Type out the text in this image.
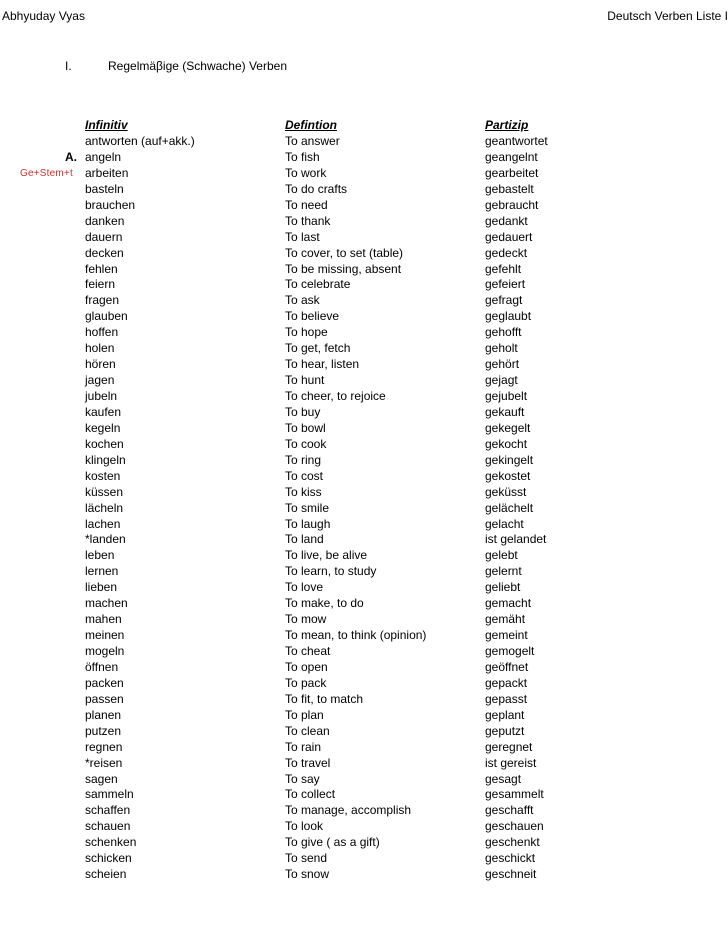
Abhyuday Vyas	Deutsch Verben Liste I
I.	Regelmäβige (Schwache) Verben
Infinitiv	Defintion	Partizip
A.
Ge+Stem+t
antworten (auf+akk.)	To answer	geantwortet
angeln	To fish	geangelnt
arbeiten	To work	gearbeitet
basteln	To do crafts	gebastelt
brauchen	To need	gebraucht
danken	To thank	gedankt
dauern	To last	gedauert
decken	To cover, to set (table)	gedeckt
fehlen	To be missing, absent	gefehlt
feiern	To celebrate	gefeiert
fragen	To ask	gefragt
glauben	To believe	geglaubt
hoffen	To hope	gehofft
holen	To get, fetch	geholt
hören	To hear, listen	gehört
jagen	To hunt	gejagt
jubeln	To cheer, to rejoice	gejubelt
kaufen	To buy	gekauft
kegeln	To bowl	gekegelt
kochen	To cook	gekocht
klingeln	To ring	gekingelt
kosten	To cost	gekostet
küssen	To kiss	geküsst
lächeln	To smile	gelächelt
lachen	To laugh	gelacht
*landen	To land	ist gelandet
leben	To live, be alive	gelebt
lernen	To learn, to study	gelernt
lieben	To love	geliebt
machen	To make, to do	gemacht
mahen	To mow	gemäht
meinen	To mean, to think (opinion)	gemeint
mogeln	To cheat	gemogelt
öffnen	To open	geöffnet
packen	To pack	gepackt
passen	To fit, to match	gepasst
planen	To plan	geplant
putzen	To clean	geputzt
regnen	To rain	geregnet
*reisen	To travel	ist gereist
sagen	To say	gesagt
sammeln	To collect	gesammelt
schaffen	To manage, accomplish	geschafft
schauen	To look	geschauen
schenken	To give ( as a gift)	geschenkt
schicken	To send	geschickt
scheien	To snow	geschneit
